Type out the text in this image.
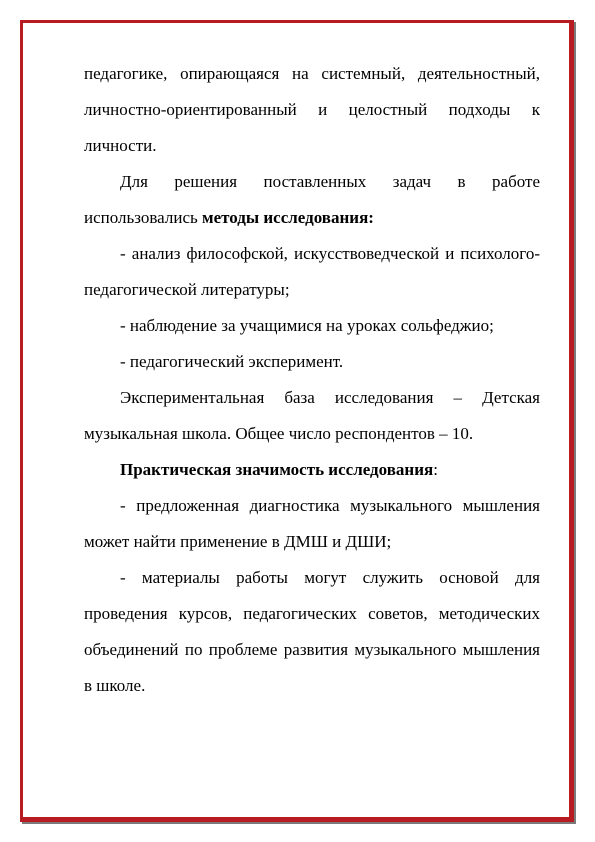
педагогике, опирающаяся на системный, деятельностный, личностно-ориентированный и целостный подходы к личности.

Для решения поставленных задач в работе использовались методы исследования:

- анализ философской, искусствоведческой и психолого-педагогической литературы;

- наблюдение за учащимися на уроках сольфеджио;

- педагогический эксперимент.

Экспериментальная база исследования – Детская музыкальная школа. Общее число респондентов – 10.

Практическая значимость исследования:

- предложенная диагностика музыкального мышления может найти применение в ДМШ и ДШИ;

- материалы работы могут служить основой для проведения курсов, педагогических советов, методических объединений по проблеме развития музыкального мышления в школе.
